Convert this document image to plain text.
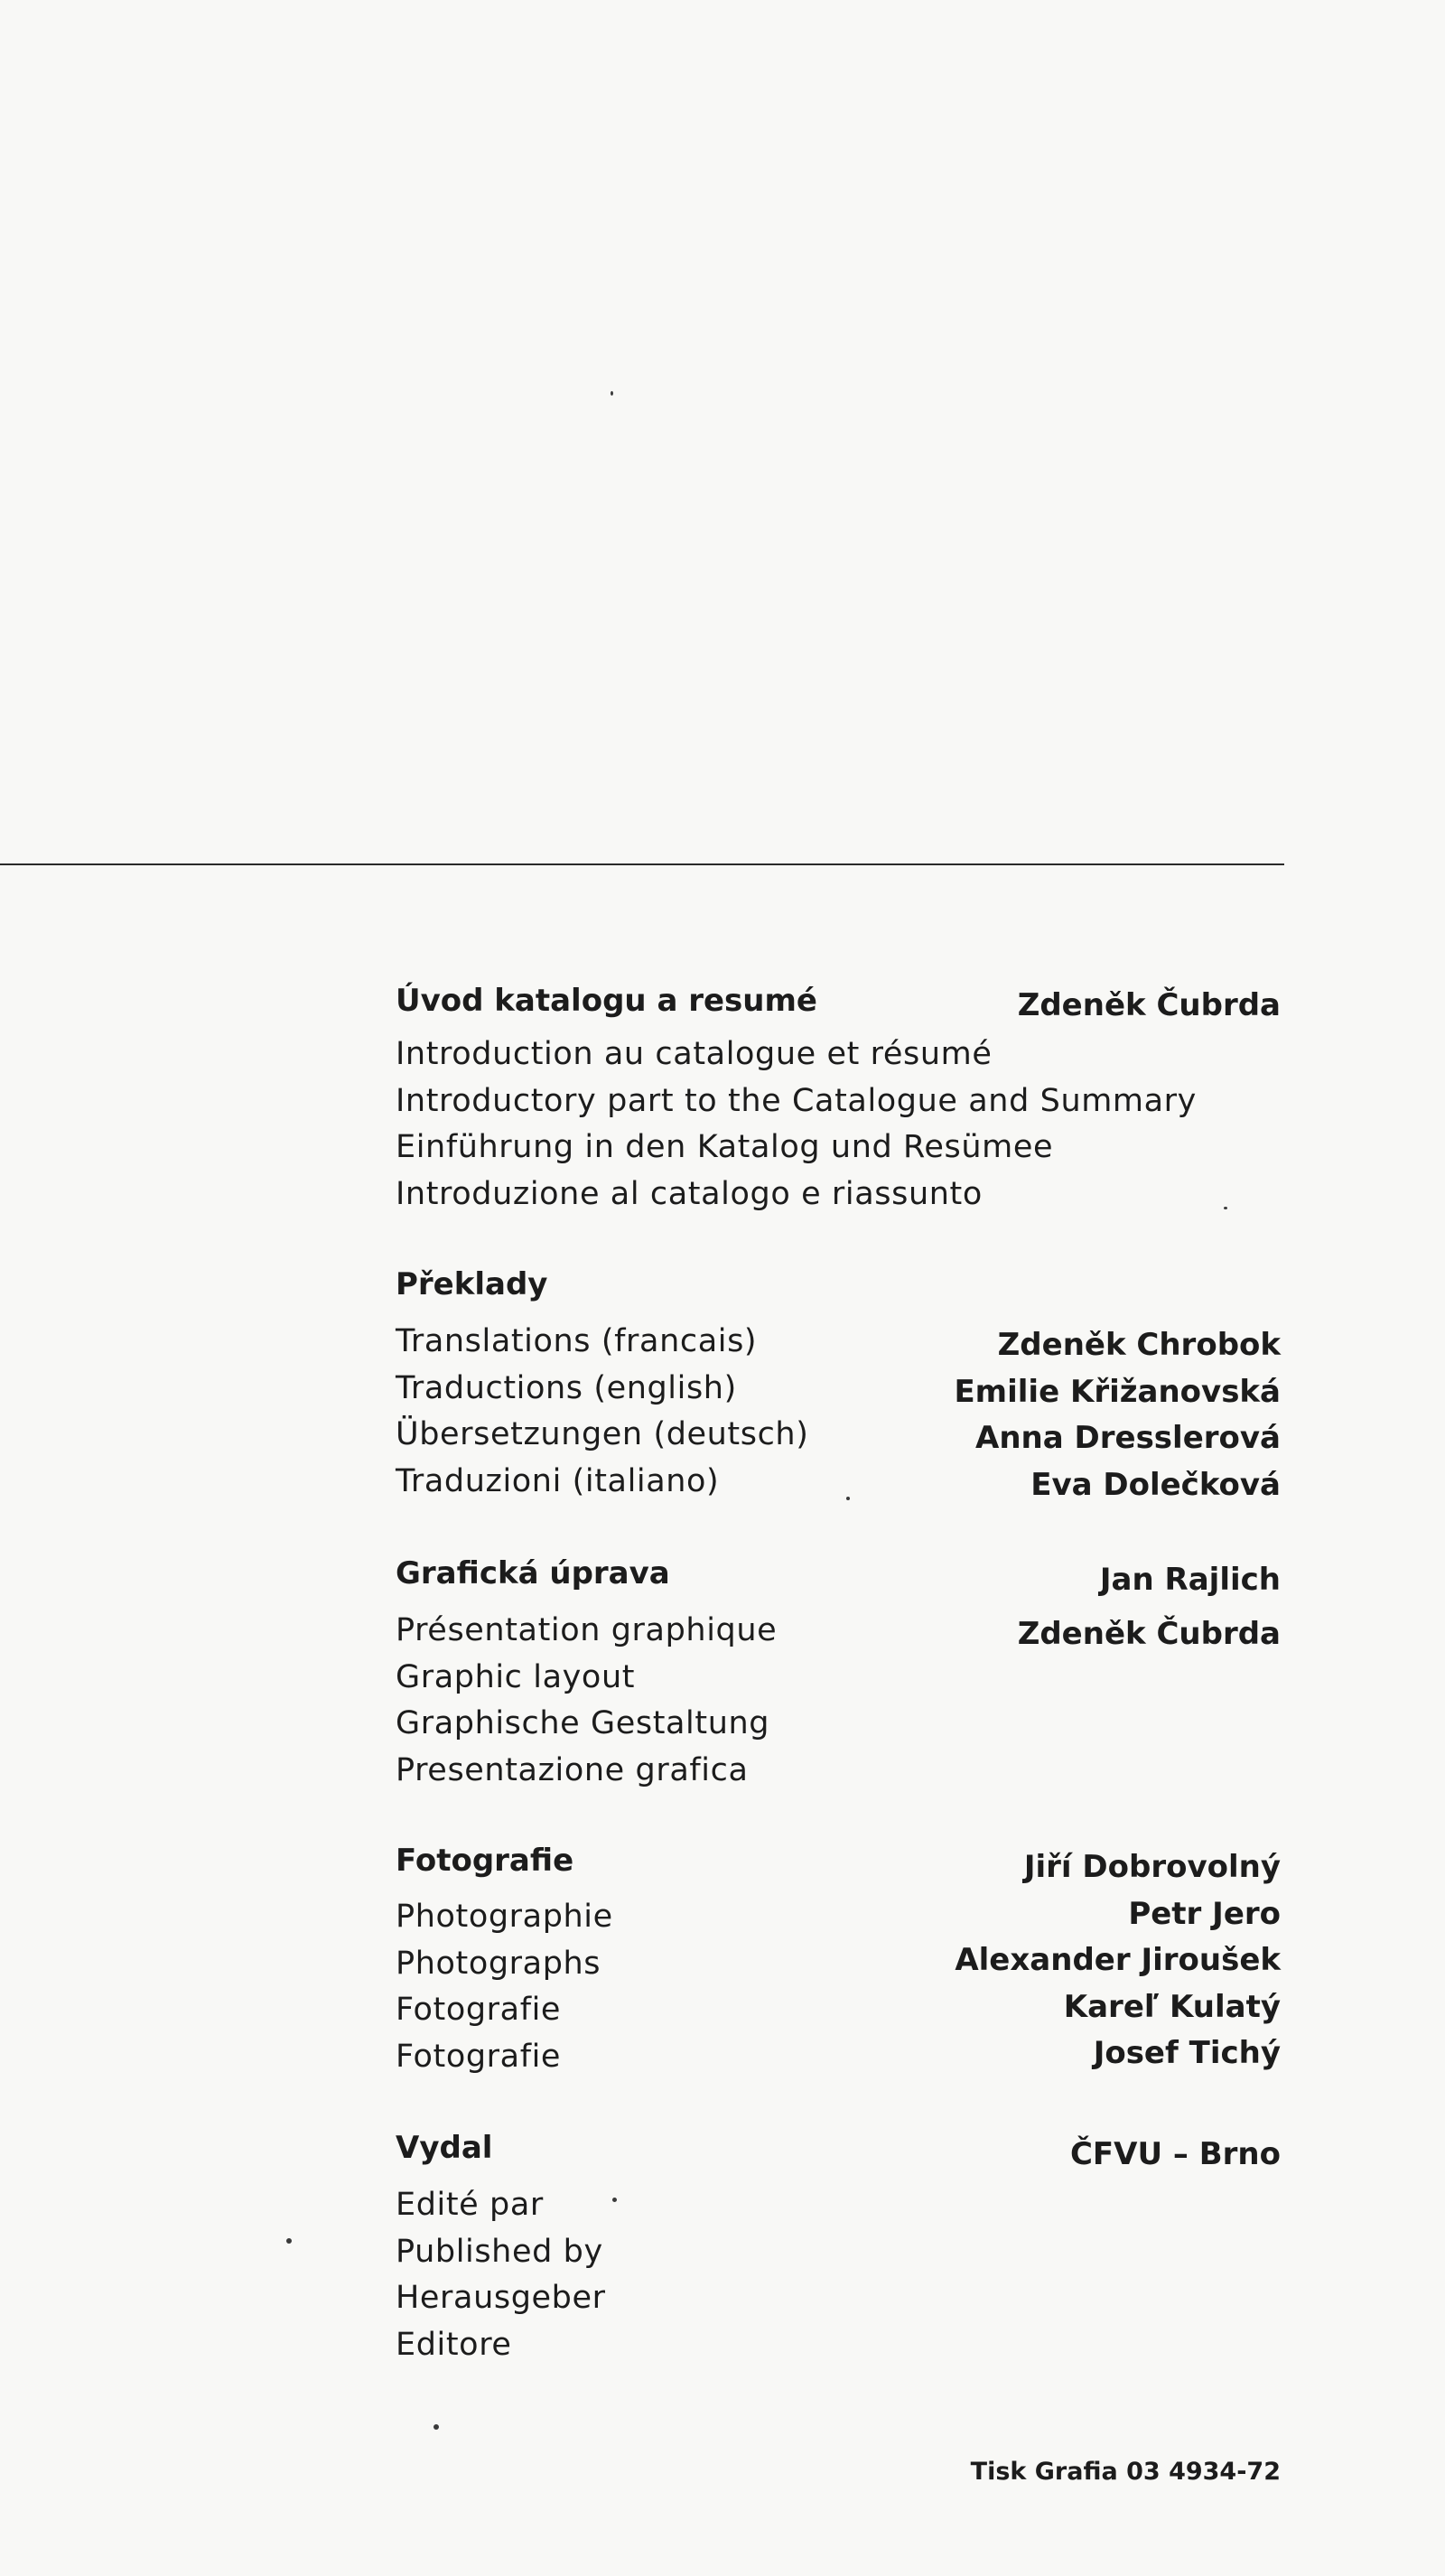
Úvod katalogu a resumé
Introduction au catalogue et résumé
Introductory part to the Catalogue and Summary
Einführung in den Katalog und Resümee
Introduzione al catalogo e riassunto
Zdeněk Čubrda
Překlady
Translations (francais)
Traductions (english)
Übersetzungen (deutsch)
Traduzioni (italiano)
Zdeněk Chrobok
Emilie Křižanovská
Anna Dresslerová
Eva Dolečková
Grafická úprava
Présentation graphique
Graphic layout
Graphische Gestaltung
Presentazione grafica
Jan Rajlich
Zdeněk Čubrda
Fotografie
Photographie
Photographs
Fotografie
Fotografie
Jiří Dobrovolný
Petr Jero
Alexander Jiroušek
Kareľ Kulatý
Josef Tichý
Vydal
Edité par
Published by
Herausgeber
Editore
ČFVU – Brno
Tisk Grafia 03 4934-72
